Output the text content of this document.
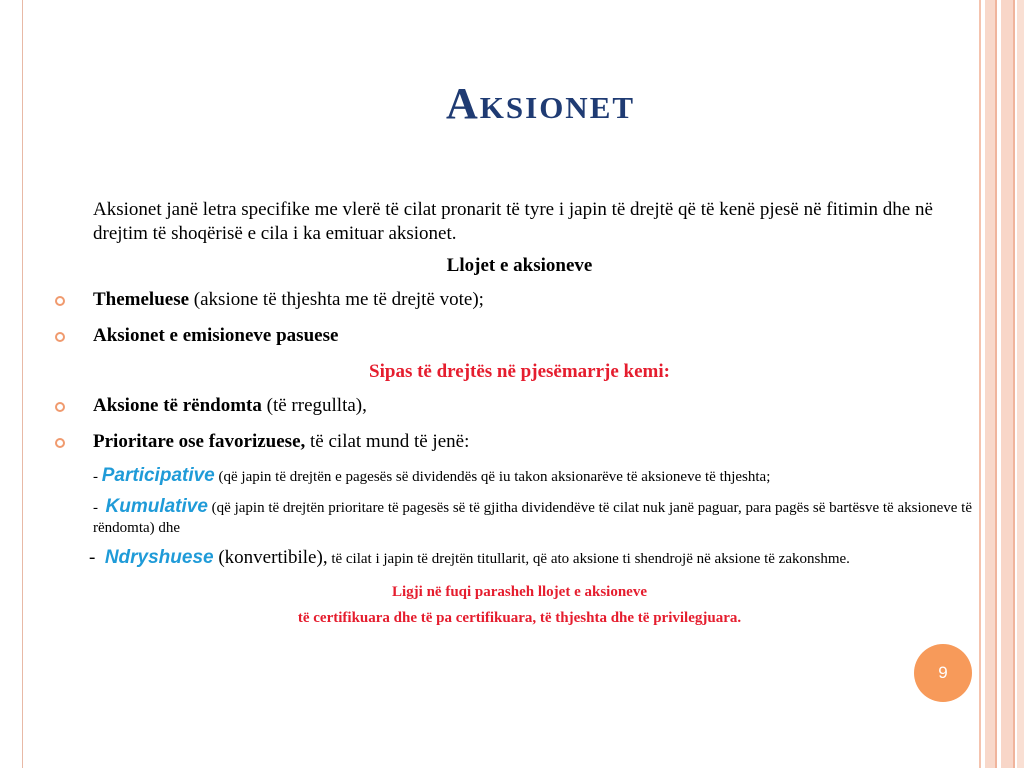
Aksionet

Aksionet janë letra specifike me vlerë të cilat pronarit të tyre i japin të drejtë që të kenë pjesë në fitimin dhe në drejtim të shoqërisë e cila i ka emituar aksionet.

Llojet e aksioneve

Themeluese (aksione të thjeshta me të drejtë vote);
Aksionet e emisioneve pasuese

Sipas të drejtës në pjesëmarrje kemi:

Aksione të rëndomta (të rregullta),
Prioritare ose favorizuese, të cilat mund të jenë:

- Participative (që japin të drejtën e pagesës së dividendës që iu takon aksionarëve të aksioneve të thjeshta;

-  Kumulative (që japin të drejtën prioritare të pagesës së të gjitha dividendëve të cilat nuk janë paguar, para pagës së bartësve të aksioneve të rëndomta) dhe

-  Ndryshuese (konvertibile), të cilat i japin të drejtën titullarit, që ato aksione ti shendrojë në aksione të zakonshme.

Ligji në fuqi parasheh llojet e aksioneve

të certifikuara dhe të pa certifikuara, të thjeshta dhe të privilegjuara.

9
